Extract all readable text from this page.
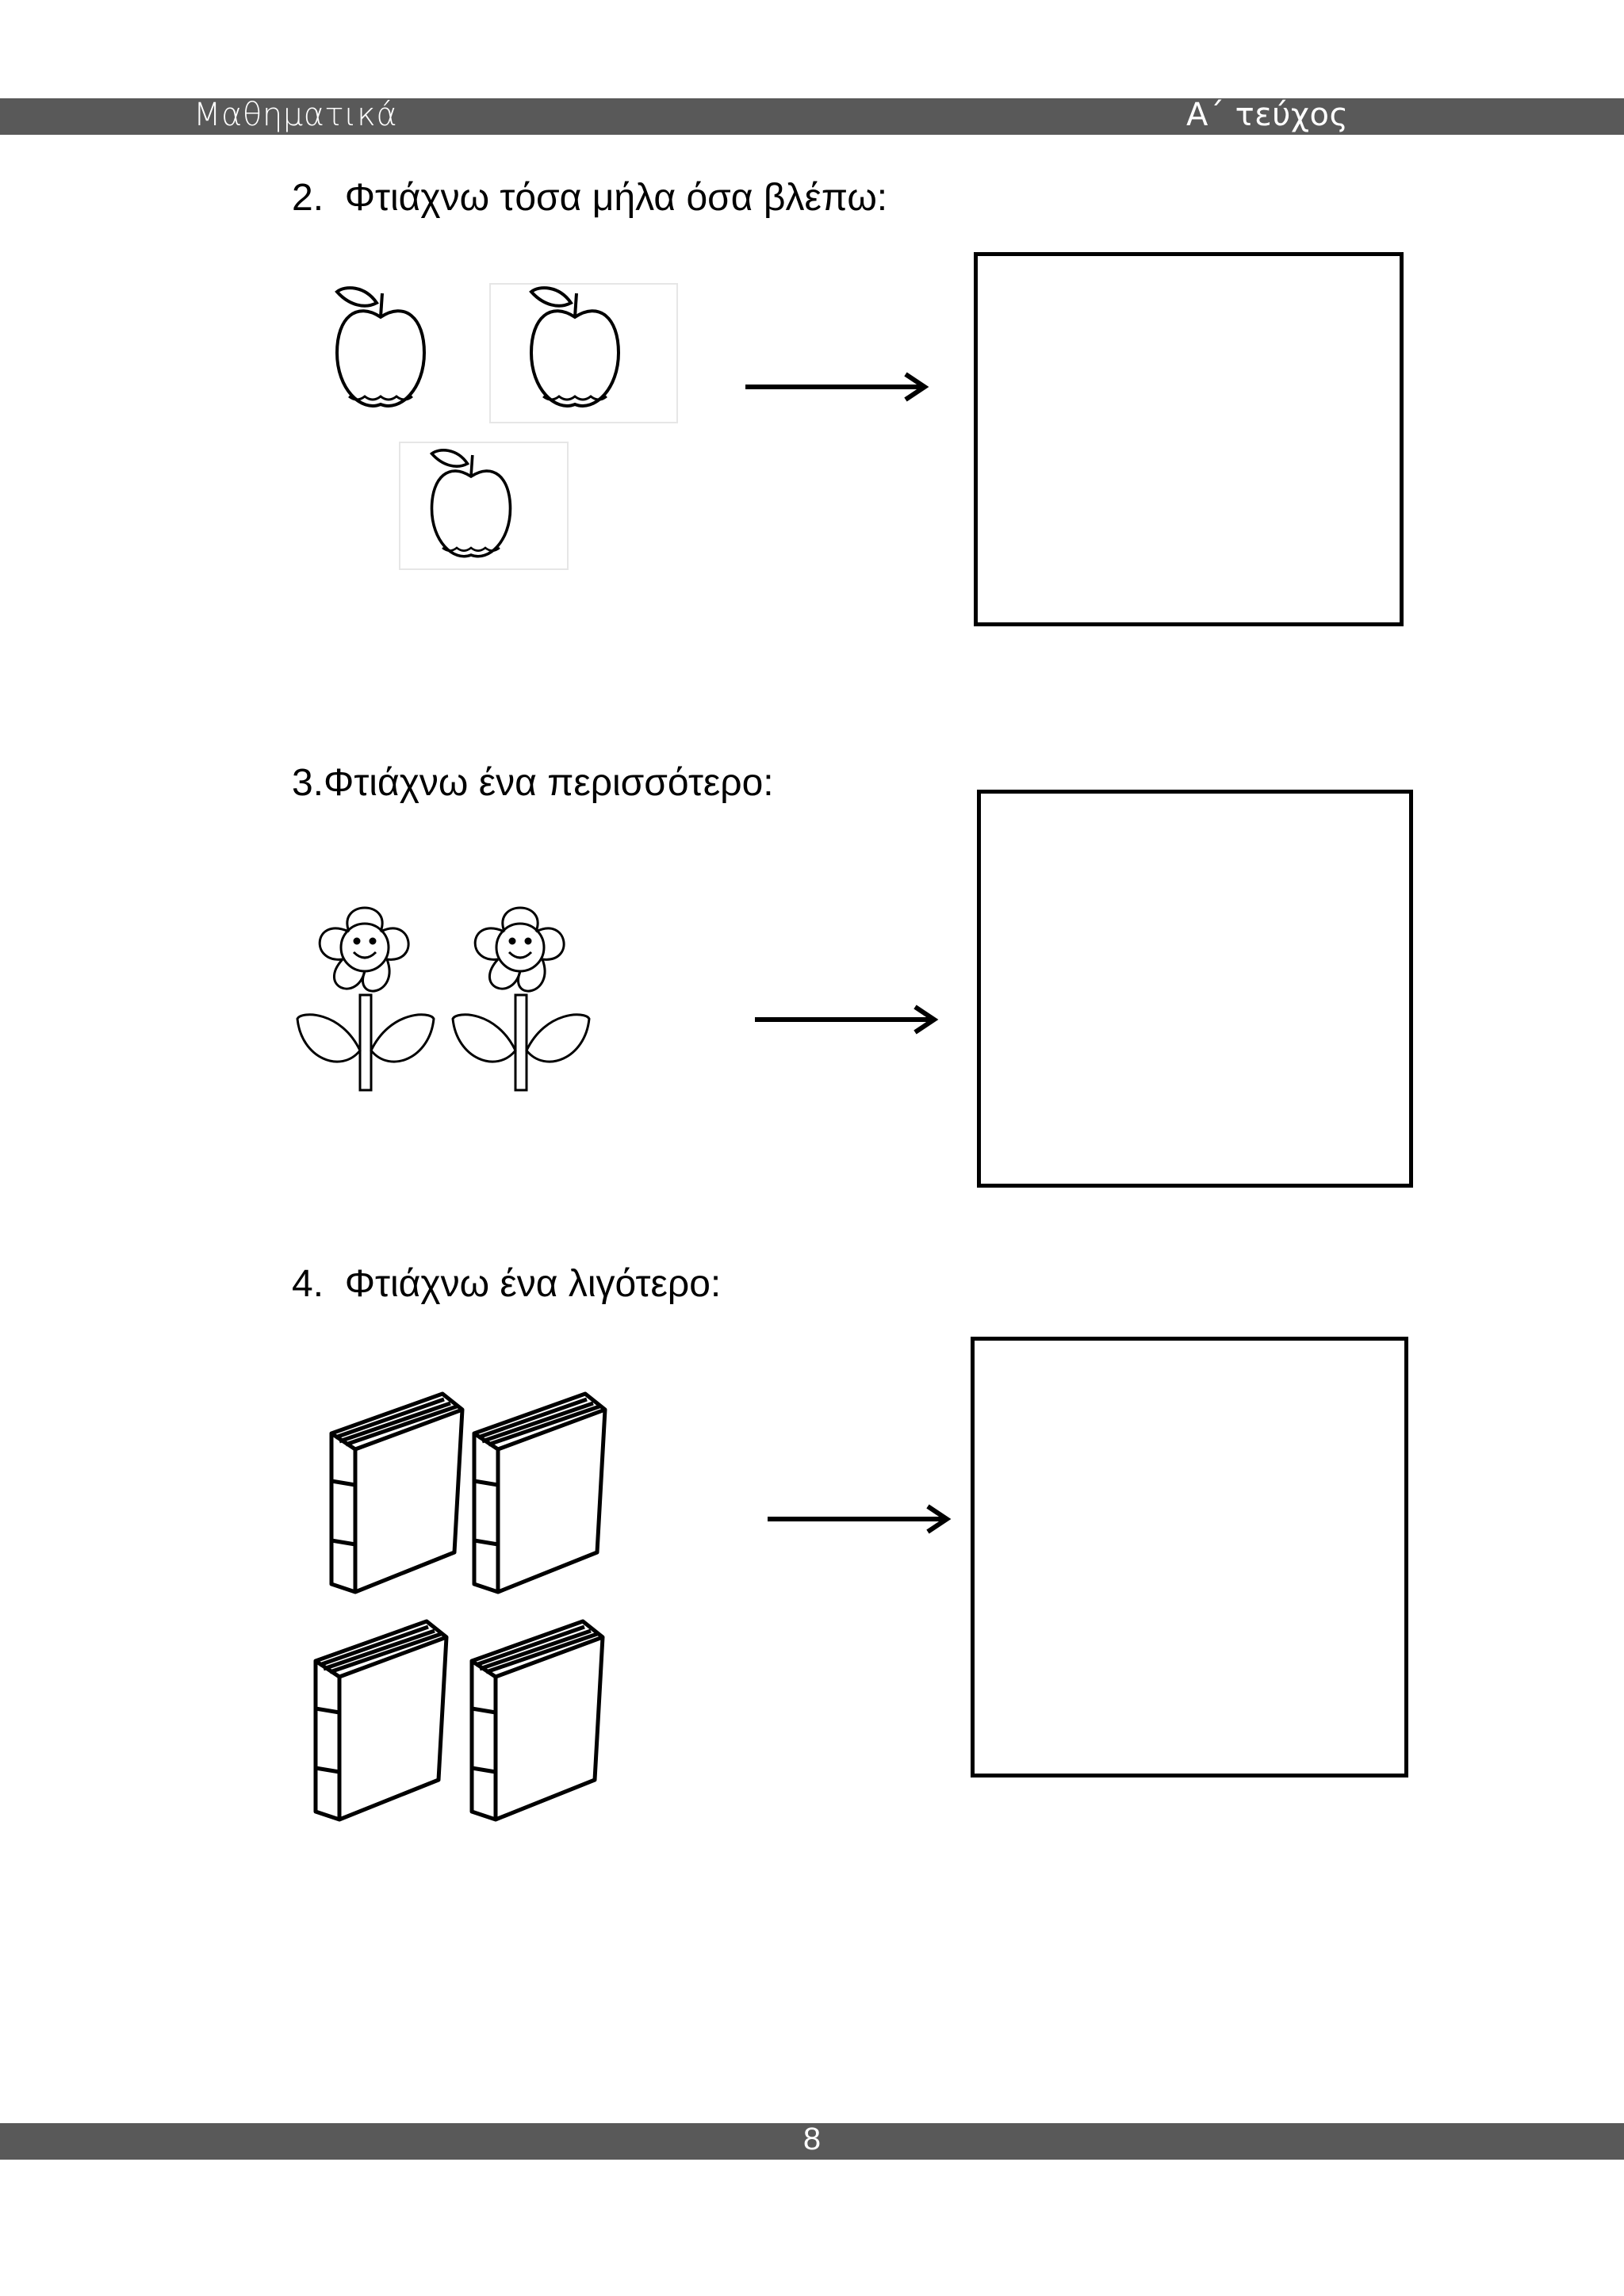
Μαθηματικά	Α΄ τεύχος
2. Φτιάχνω τόσα μήλα όσα βλέπω:
3.Φτιάχνω ένα περισσότερο:
4. Φτιάχνω ένα λιγότερο:
8
